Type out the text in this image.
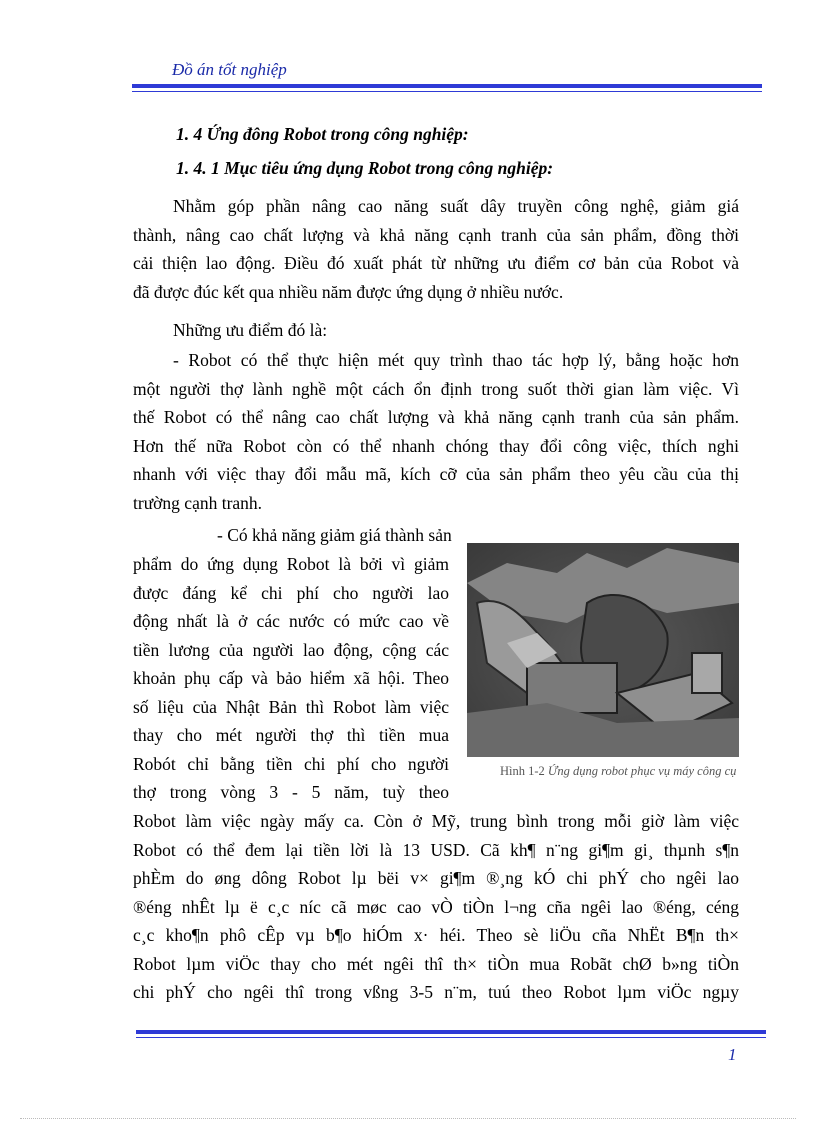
Đồ án tốt nghiệp
1. 4 Ứng đông Robot trong công nghiệp:
1. 4. 1 Mục tiêu ứng dụng Robot trong công nghiệp:
Nhằm góp phần nâng cao năng suất dây truyền công nghệ, giảm giá
thành, nâng cao chất lượng và khả năng cạnh tranh của sản phẩm, đồng thời
cải thiện lao động. Điều đó xuất phát từ những ưu điểm cơ bản của Robot và
đã được đúc kết qua nhiều năm được ứng dụng ở nhiều nước.
Những ưu điểm đó là:
- Robot có thể thực hiện mét quy trình thao tác hợp lý, bằng hoặc hơn
một người thợ lành nghề một cách ổn định trong suốt thời gian làm việc. Vì
thế Robot có thể nâng cao chất lượng và khả năng cạnh tranh của sản phẩm.
Hơn thế nữa Robot còn có thể nhanh chóng thay đổi công việc, thích nghi
nhanh với việc thay đổi mẫu mã, kích cỡ của sản phẩm theo yêu cầu của thị
trường cạnh tranh.
- Có khả năng giảm giá thành sản
phẩm do ứng dụng Robot là bởi vì giảm
được đáng kể chi phí cho người lao
động nhất là ở các nước có mức cao về
tiền lương của người lao động, cộng các
khoản phụ cấp và bảo hiểm xã hội. Theo
số liệu của Nhật Bản thì Robot làm việc
thay cho mét người thợ thì tiền mua
Robót chỉ bằng tiền chi phí cho người
thợ trong vòng 3 - 5 năm, tuỳ theo
Hình 1-2 Ứng dụng robot phục vụ máy công cụ
Robot làm việc ngày mấy ca. Còn ở Mỹ, trung bình trong mỗi giờ làm việc
Robot có thể đem lại tiền lời là 13 USD. Cã kh¶ n¨ng gi¶m gi¸ thµnh s¶n
phÈm do øng dông Robot lµ bëi v× gi¶m ®¸ng kÓ chi phÝ cho ngêi lao
®éng nhÊt lµ ë c¸c níc cã møc cao vÒ tiÒn l¬ng cña ngêi lao ®éng, céng
c¸c kho¶n phô cÊp vµ b¶o hiÓm x· héi. Theo sè liÖu cña NhËt B¶n th×
Robot lµm viÖc thay cho mét ngêi thî th× tiÒn mua Robãt chØ b»ng tiÒn
chi phÝ cho ngêi thî trong vßng 3-5 n¨m, tuú theo Robot lµm viÖc ngµy
1
